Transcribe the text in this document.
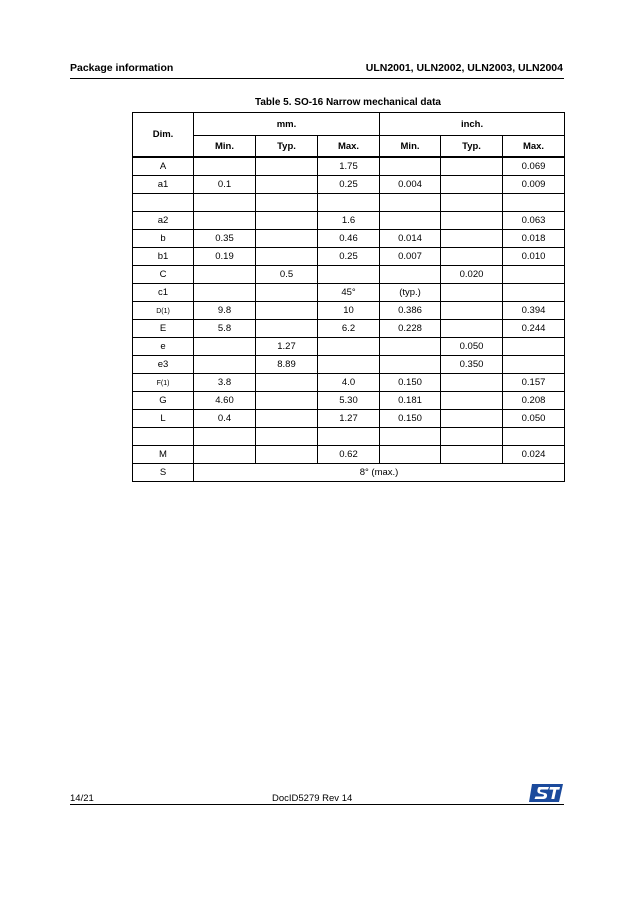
Package information	ULN2001, ULN2002, ULN2003, ULN2004
Table 5. SO-16 Narrow mechanical data
Dim.	mm.			inch.		
	Min.	Typ.	Max.	Min.	Typ.	Max.
A			1.75			0.069
a1	0.1		0.25	0.004		0.009

a2			1.6			0.063
b	0.35		0.46	0.014		0.018
b1	0.19		0.25	0.007		0.010
C		0.5			0.020	
c1			45°	(typ.)		
D(1)	9.8		10	0.386		0.394
E	5.8		6.2	0.228		0.244
e		1.27			0.050	
e3		8.89			0.350	
F(1)	3.8		4.0	0.150		0.157
G	4.60		5.30	0.181		0.208
L	0.4		1.27	0.150		0.050

M			0.62			0.024
S	8° (max.)					
14/21	DocID5279 Rev 14
